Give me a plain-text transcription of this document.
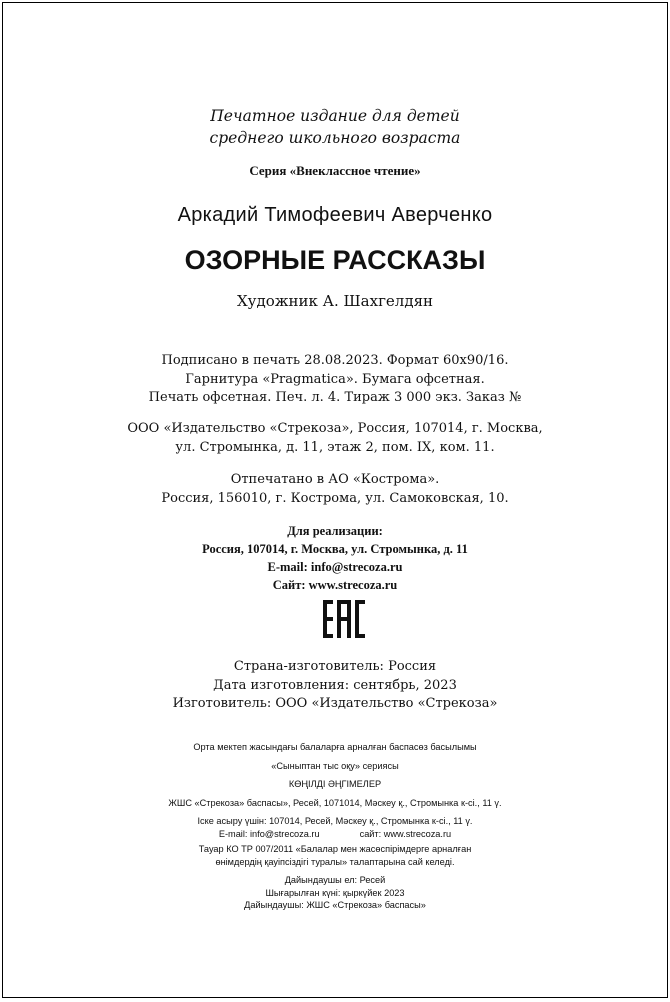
Печатное издание для детей
среднего школьного возраста
Серия «Внеклассное чтение»
Аркадий Тимофеевич Аверченко
ОЗОРНЫЕ РАССКАЗЫ
Художник А. Шахгелдян
Подписано в печать 28.08.2023. Формат 60х90/16.
Гарнитура «Pragmatica». Бумага офсетная.
Печать офсетная. Печ. л. 4. Тираж 3 000 экз. Заказ №
ООО «Издательство «Стрекоза», Россия, 107014, г. Москва,
ул. Стромынка, д. 11, этаж 2, пом. IX, ком. 11.
Отпечатано в АО «Кострома».
Россия, 156010, г. Кострома, ул. Самоковская, 10.
Для реализации:
Россия, 107014, г. Москва, ул. Стромынка, д. 11
E-mail: info@strecoza.ru
Сайт: www.strecoza.ru
Страна-изготовитель: Россия
Дата изготовления: сентябрь, 2023
Изготовитель: ООО «Издательство «Стрекоза»
Орта мектеп жасындағы балаларға арналған баспасөз басылымы
«Сыныптан тыс оқу» сериясы
КӨҢІЛДІ ӘҢГІМЕЛЕР
ЖШС «Стрекоза» баспасы», Ресей, 1071014, Мәскеу қ., Стромынка к-сі., 11 ү.
Іске асыру үшін: 107014, Ресей, Мәскеу қ., Стромынка к-сі., 11 ү.
E-mail: info@strecoza.ru	сайт: www.strecoza.ru
Тауар КО ТР 007/2011 «Балалар мен жасөспірімдерге арналған
өнімдердің қауіпсіздігі туралы» талаптарына сай келеді.
Дайындаушы ел: Ресей
Шығарылған күні: қыркүйек 2023
Дайындаушы: ЖШС «Стрекоза» баспасы»
